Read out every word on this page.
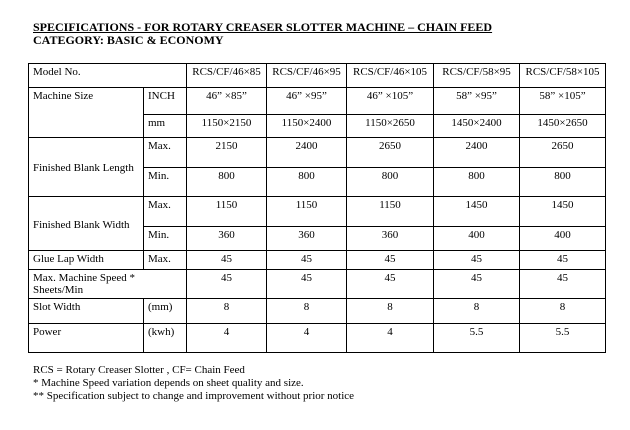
SPECIFICATIONS - FOR ROTARY CREASER SLOTTER MACHINE – CHAIN FEED
CATEGORY: BASIC & ECONOMY
Model No.		RCS/CF/46×85	RCS/CF/46×95	RCS/CF/46×105	RCS/CF/58×95	RCS/CF/58×105
Machine Size	INCH	46” ×85”	46” ×95”	46” ×105”	58” ×95”	58” ×105”
	mm	1150×2150	1150×2400	1150×2650	1450×2400	1450×2650
Finished Blank Length	Max.	2150	2400	2650	2400	2650
	Min.	800	800	800	800	800
Finished Blank Width	Max.	1150	1150	1150	1450	1450
	Min.	360	360	360	400	400
Glue Lap Width	Max.	45	45	45	45	45
Max. Machine Speed * Sheets/Min		45	45	45	45	45
Slot Width	(mm)	8	8	8	8	8
Power	(kwh)	4	4	4	5.5	5.5
RCS = Rotary Creaser Slotter , CF= Chain Feed
* Machine Speed variation depends on sheet quality and size.
** Specification subject to change and improvement without prior notice
